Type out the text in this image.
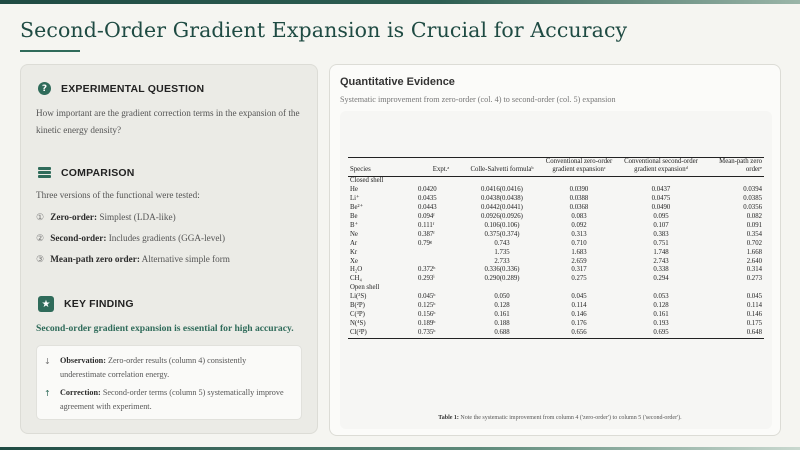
Second-Order Gradient Expansion is Crucial for Accuracy
?	EXPERIMENTAL QUESTION

How important are the gradient correction terms in the expansion of the kinetic energy density?

COMPARISON

Three versions of the functional were tested:

① Zero-order: Simplest (LDA-like)
② Second-order: Includes gradients (GGA-level)
③ Mean-path zero order: Alternative simple form
★	KEY FINDING

Second-order gradient expansion is essential for high accuracy.

↓	Observation: Zero-order results (column 4) consistently underestimate correlation energy.
↑	Correction: Second-order terms (column 5) systematically improve agreement with experiment.
Quantitative Evidence

Systematic improvement from zero-order (col. 4) to second-order (col. 5) expansion

Species	Expt.ᵃ	Colle-Salvetti formulaᵇ	Conventional zero-order gradient expansionᶜ	Conventional second-order gradient expansionᵈ	Mean-path zero orderᵉ

Closed shell					
He	0.0420	0.0416(0.0416)	0.0390	0.0437	0.0394
Li⁺	0.0435	0.0438(0.0438)	0.0388	0.0475	0.0385
Be²⁺	0.0443	0.0442(0.0441)	0.0368	0.0490	0.0356
Be	0.094ᶠ	0.0926(0.0926)	0.083	0.095	0.082
B⁺	0.111ᶠ	0.106(0.106)	0.092	0.107	0.091
Ne	0.387ᶠ	0.375(0.374)	0.313	0.383	0.354
Ar	0.79ᵍ	0.743	0.710	0.751	0.702
Kr		1.735	1.683	1.748	1.668
Xe		2.733	2.659	2.743	2.640
H₂O	0.372ʰ	0.336(0.336)	0.317	0.338	0.314
CH₄	0.293ⁱ	0.290(0.289)	0.275	0.294	0.273

Open shell					
Li(²S)	0.045ᵇ	0.050	0.045	0.053	0.045
B(²P)	0.125ᵇ	0.128	0.114	0.128	0.114
C(³P)	0.156ᵇ	0.161	0.146	0.161	0.146
N(⁴S)	0.189ᵇ	0.188	0.176	0.193	0.175
Cl(²P)	0.735ᵇ	0.688	0.656	0.695	0.648

Table 1: Note the systematic improvement from column 4 ('zero-order') to column 5 ('second-order').
